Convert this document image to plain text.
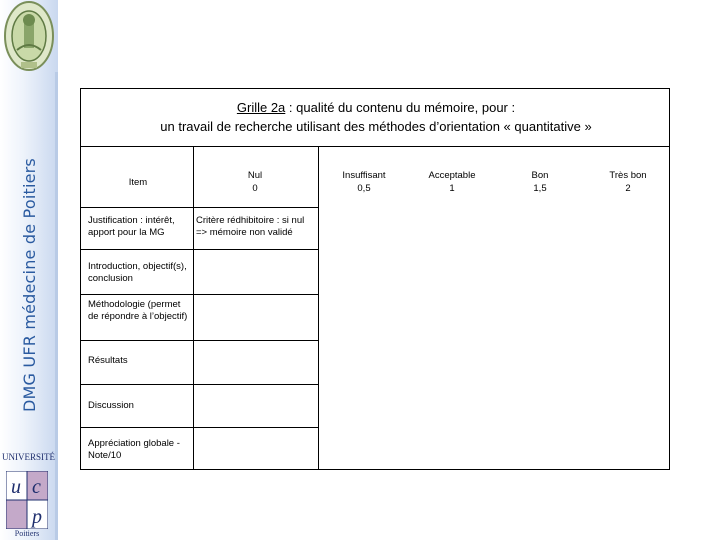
DMG UFR médecine de Poitiers
UNIVERSITÉ
u c
p
Poitiers
Grille 2a : qualité du contenu du mémoire, pour :
un travail de recherche utilisant des méthodes d’orientation « quantitative »
Item
Nul
0
Insuffisant
0,5
Acceptable
1
Bon
1,5
Très bon
2
Justification : intérêt, apport pour la MG
Critère rédhibitoire : si nul => mémoire non validé
Introduction, objectif(s), conclusion
Méthodologie (permet de répondre à l’objectif)
Résultats
Discussion
Appréciation globale - Note/10
